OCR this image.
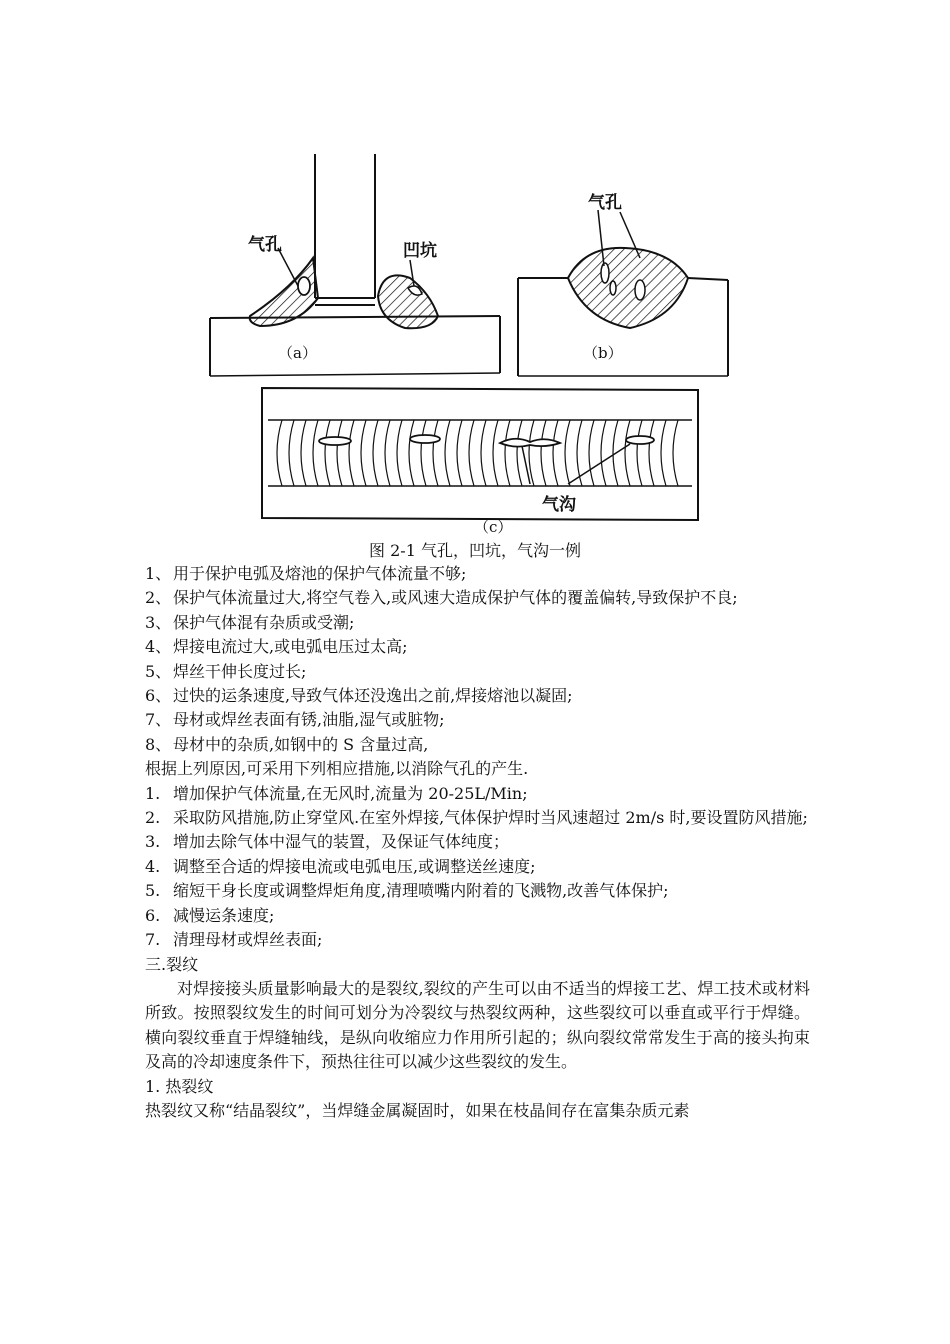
气孔	凹坑
气孔
气沟
（a）	（b）
（c）
图 2-1 气孔，凹坑，气沟一例
1、 用于保护电弧及熔池的保护气体流量不够;
2、 保护气体流量过大,将空气卷入,或风速大造成保护气体的覆盖偏转,导致保护不良;
3、 保护气体混有杂质或受潮;
4、 焊接电流过大,或电弧电压过太高;
5、 焊丝干伸长度过长;
6、 过快的运条速度,导致气体还没逸出之前,焊接熔池以凝固;
7、 母材或焊丝表面有锈,油脂,湿气或脏物;
8、 母材中的杂质,如钢中的 S 含量过高,

根据上列原因,可采用下列相应措施,以消除气孔的产生.

1. 增加保护气体流量,在无风时,流量为 20-25L/Min;
2. 采取防风措施,防止穿堂风.在室外焊接,气体保护焊时当风速超过 2m/s 时,要设置防风措施;
3. 增加去除气体中湿气的装置，及保证气体纯度；
4. 调整至合适的焊接电流或电弧电压,或调整送丝速度;
5. 缩短干身长度或调整焊炬角度,清理喷嘴内附着的飞溅物,改善气体保护;
6. 减慢运条速度;
7. 清理母材或焊丝表面;

三.裂纹

对焊接接头质量影响最大的是裂纹,裂纹的产生可以由不适当的焊接工艺、焊工技术或材料所致。按照裂纹发生的时间可划分为冷裂纹与热裂纹两种，这些裂纹可以垂直或平行于焊缝。横向裂纹垂直于焊缝轴线，是纵向收缩应力作用所引起的；纵向裂纹常常发生于高的接头拘束及高的冷却速度条件下，预热往往可以减少这些裂纹的发生。

1. 热裂纹

热裂纹又称“结晶裂纹”，当焊缝金属凝固时，如果在枝晶间存在富集杂质元素
